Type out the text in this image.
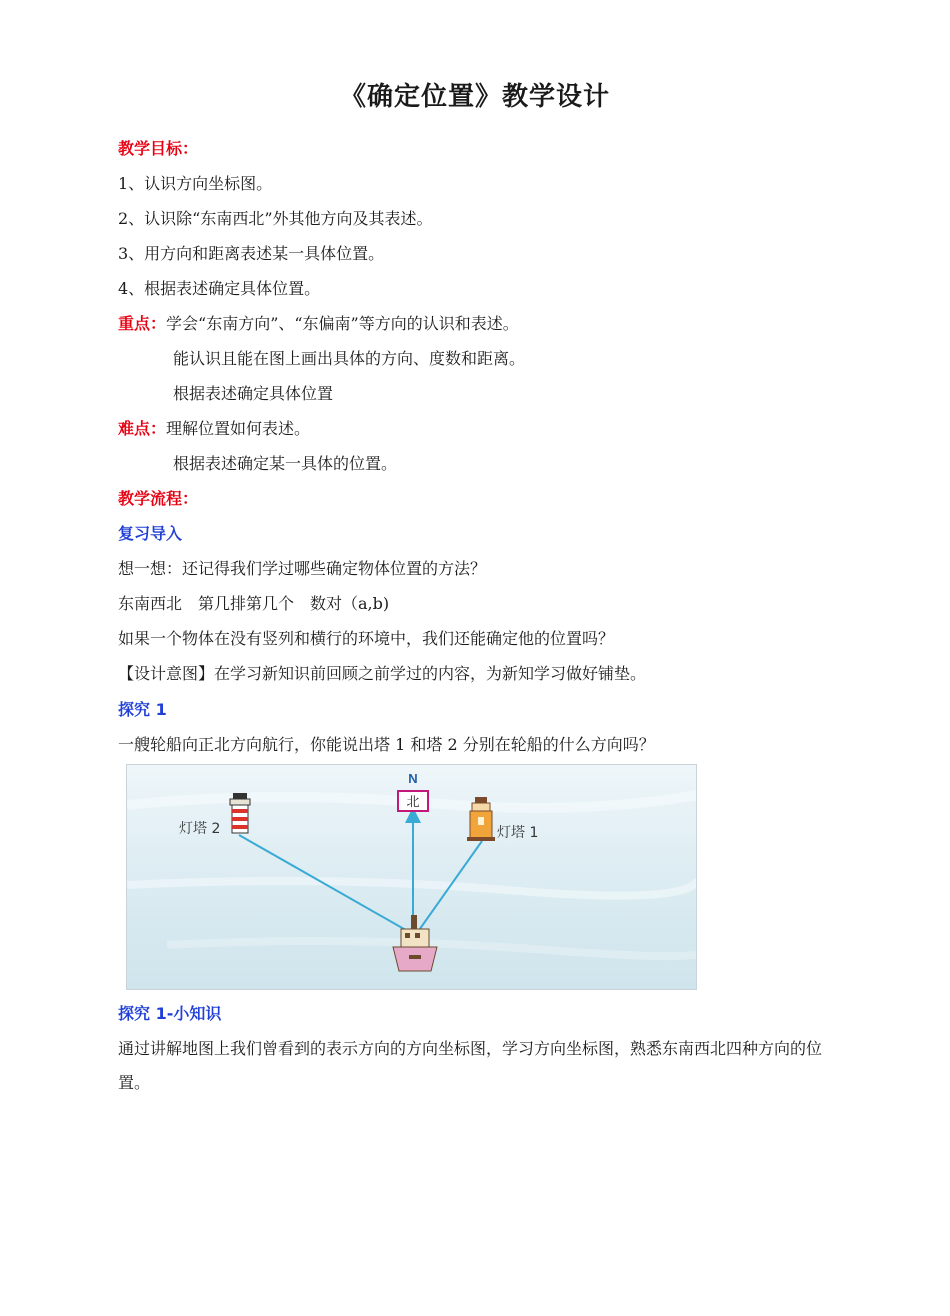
《确定位置》教学设计
教学目标：
1、认识方向坐标图。
2、认识除“东南西北”外其他方向及其表述。
3、用方向和距离表述某一具体位置。
4、根据表述确定具体位置。
重点：学会“东南方向”、“东偏南”等方向的认识和表述。
能认识且能在图上画出具体的方向、度数和距离。
根据表述确定具体位置
难点：理解位置如何表述。
根据表述确定某一具体的位置。
教学流程：
复习导入
想一想：还记得我们学过哪些确定物体位置的方法？
东南西北　第几排第几个　数对（a,b)
如果一个物体在没有竖列和横行的环境中，我们还能确定他的位置吗？
【设计意图】在学习新知识前回顾之前学过的内容，为新知学习做好铺垫。
探究 1
一艘轮船向正北方向航行，你能说出塔 1 和塔 2 分别在轮船的什么方向吗？
N
北
灯塔 2	灯塔 1
探究 1-小知识
通过讲解地图上我们曾看到的表示方向的方向坐标图，学习方向坐标图，熟悉东南西北四种方向的位置。
